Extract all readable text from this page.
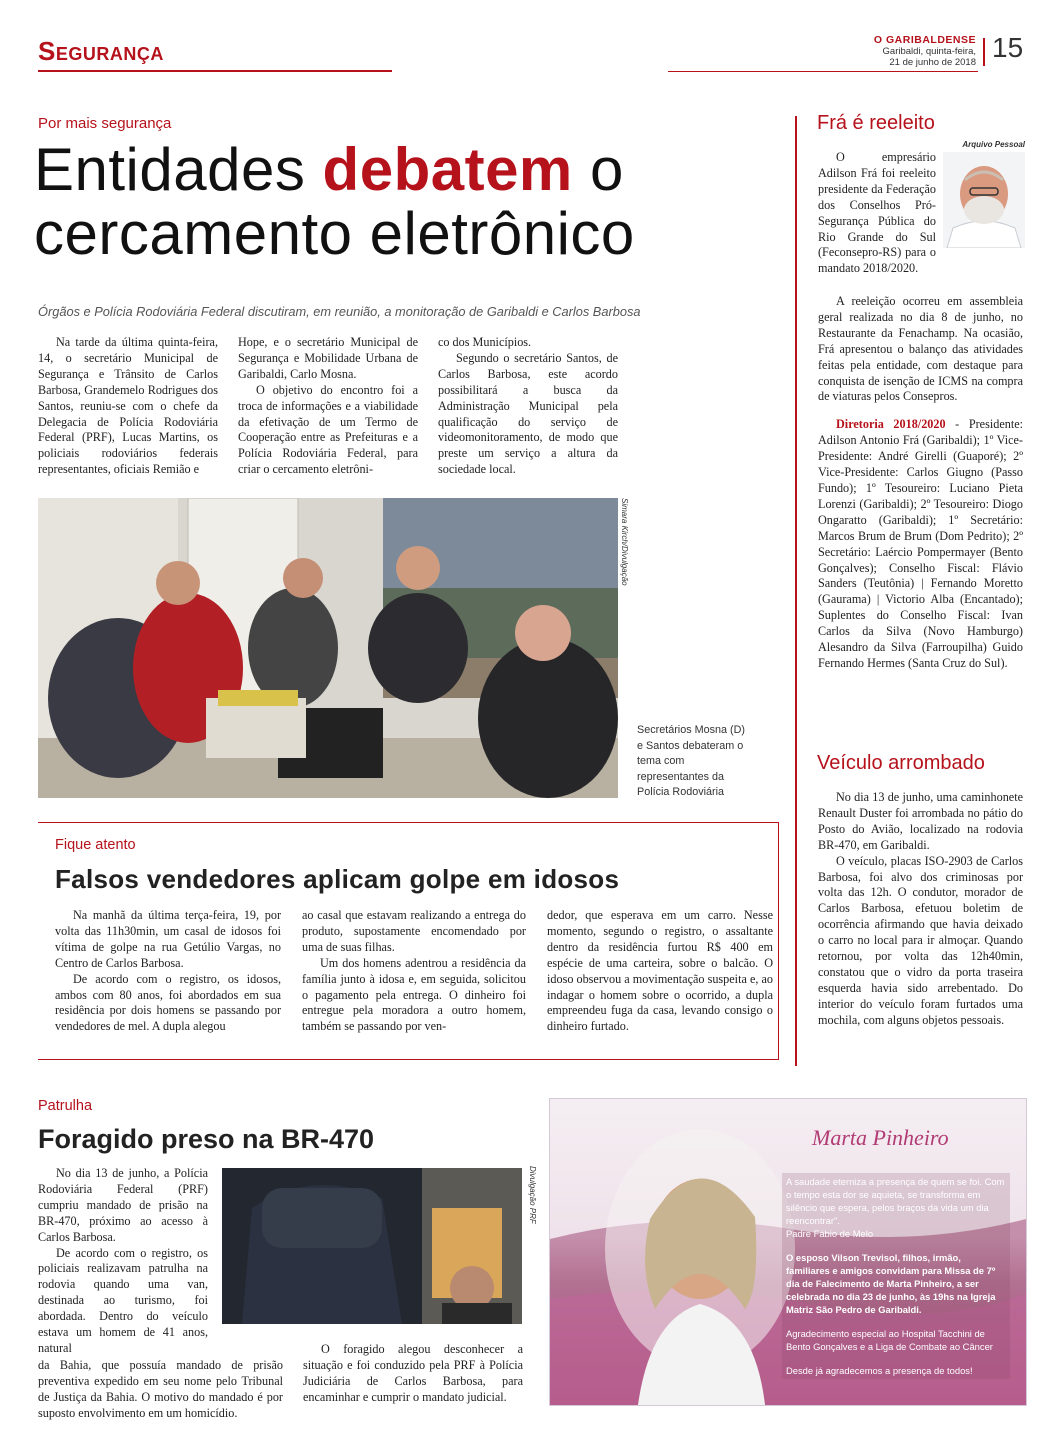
Segurança	O GARIBALDENSE
Garibaldi, quinta-feira,
21 de junho de 2018 15
Por mais segurança
Entidades debatem o
cercamento eletrônico
Órgãos e Polícia Rodoviária Federal discutiram, em reunião, a monitoração de Garibaldi e Carlos Barbosa

Na tarde da última quinta-feira, 14, o secretário Municipal de Segurança e Trânsito de Carlos Barbosa, Grandemelo Rodrigues dos Santos, reuniu-se com o chefe da Delegacia de Polícia Rodoviária Federal (PRF), Lucas Martins, os policiais rodoviários federais representantes, oficiais Remião e

Hope, e o secretário Municipal de Segurança e Mobilidade Urbana de Garibaldi, Carlo Mosna.

O objetivo do encontro foi a troca de informações e a viabilidade da efetivação de um Termo de Cooperação entre as Prefeituras e a Polícia Rodoviária Federal, para criar o cercamento eletrôni-

co dos Municípios.

Segundo o secretário Santos, de Carlos Barbosa, este acordo possibilitará a busca da Administração Municipal pela qualificação do serviço de videomonitoramento, de modo que preste um serviço a altura da sociedade local.

Simara Kirch/Divulgação
Secretários Mosna (D) e Santos debateram o tema com representantes da Polícia Rodoviária
Fique atento
Falsos vendedores aplicam golpe em idosos

Na manhã da última terça-feira, 19, por volta das 11h30min, um casal de idosos foi vítima de golpe na rua Getúlio Vargas, no Centro de Carlos Barbosa.

De acordo com o registro, os idosos, ambos com 80 anos, foi abordados em sua residência por dois homens se passando por vendedores de mel. A dupla alegou

ao casal que estavam realizando a entrega do produto, supostamente encomendado por uma de suas filhas.

Um dos homens adentrou a residência da família junto à idosa e, em seguida, solicitou o pagamento pela entrega. O dinheiro foi entregue pela moradora a outro homem, também se passando por ven-

dedor, que esperava em um carro. Nesse momento, segundo o registro, o assaltante dentro da residência furtou R$ 400 em espécie de uma carteira, sobre o balcão. O idoso observou a movimentação suspeita e, ao indagar o homem sobre o ocorrido, a dupla empreendeu fuga da casa, levando consigo o dinheiro furtado.

Patrulha
Foragido preso na BR-470

No dia 13 de junho, a Polícia Rodoviária Federal (PRF) cumpriu mandado de prisão na BR-470, próximo ao acesso à Carlos Barbosa.

De acordo com o registro, os policiais realizavam patrulha na rodovia quando uma van, destinada ao turismo, foi abordada. Dentro do veículo estava um homem de 41 anos, natural

da Bahia, que possuía mandado de prisão preventiva expedido em seu nome pelo Tribunal de Justiça da Bahia. O motivo do mandado é por suposto envolvimento em um homicídio.

O foragido alegou desconhecer a situação e foi conduzido pela PRF à Polícia Judiciária de Carlos Barbosa, para encaminhar e cumprir o mandato judicial.

Divulgação PRF
Frá é reeleito
Arquivo Pessoal

O empresário Adilson Frá foi reeleito presidente da Federação dos Conselhos Pró-Segurança Pública do Rio Grande do Sul (Feconsepro-RS) para o mandato 2018/2020.

A reeleição ocorreu em assembleia geral realizada no dia 8 de junho, no Restaurante da Fenachamp. Na ocasião, Frá apresentou o balanço das atividades feitas pela entidade, com destaque para conquista de isenção de ICMS na compra de viaturas pelos Consepros.

Diretoria 2018/2020 - Presidente: Adilson Antonio Frá (Garibaldi); 1º Vice-Presidente: André Girelli (Guaporé); 2º Vice-Presidente: Carlos Giugno (Passo Fundo); 1º Tesoureiro: Luciano Pieta Lorenzi (Garibaldi); 2º Tesoureiro: Diogo Ongaratto (Garibaldi); 1º Secretário: Marcos Brum de Brum (Dom Pedrito); 2º Secretário: Laércio Pompermayer (Bento Gonçalves); Conselho Fiscal: Flávio Sanders (Teutônia) | Fernando Moretto (Gaurama) | Victorio Alba (Encantado); Suplentes do Conselho Fiscal: Ivan Carlos da Silva (Novo Hamburgo) Alesandro da Silva (Farroupilha) Guido Fernando Hermes (Santa Cruz do Sul).

Veículo arrombado

No dia 13 de junho, uma caminhonete Renault Duster foi arrombada no pátio do Posto do Avião, localizado na rodovia BR-470, em Garibaldi.

O veículo, placas ISO-2903 de Carlos Barbosa, foi alvo dos criminosas por volta das 12h. O condutor, morador de Carlos Barbosa, efetuou boletim de ocorrência afirmando que havia deixado o carro no local para ir almoçar. Quando retornou, por volta das 12h40min, constatou que o vidro da porta traseira esquerda havia sido arrebentado. Do interior do veículo foram furtados uma mochila, com alguns objetos pessoais.

Marta Pinheiro
A saudade eterniza a presença de quem se foi. Com o tempo esta dor se aquieta, se transforma em silêncio que espera, pelos braços da vida um dia reencontrar".
Padre Fábio de Melo
O esposo Vilson Trevisol, filhos, irmão, familiares e amigos convidam para Missa de 7º dia de Falecimento de Marta Pinheiro, a ser celebrada no dia 23 de junho, às 19hs na Igreja Matriz São Pedro de Garibaldi.
Agradecimento especial ao Hospital Tacchini de Bento Gonçalves e a Liga de Combate ao Câncer
Desde já agradecemos a presença de todos!
